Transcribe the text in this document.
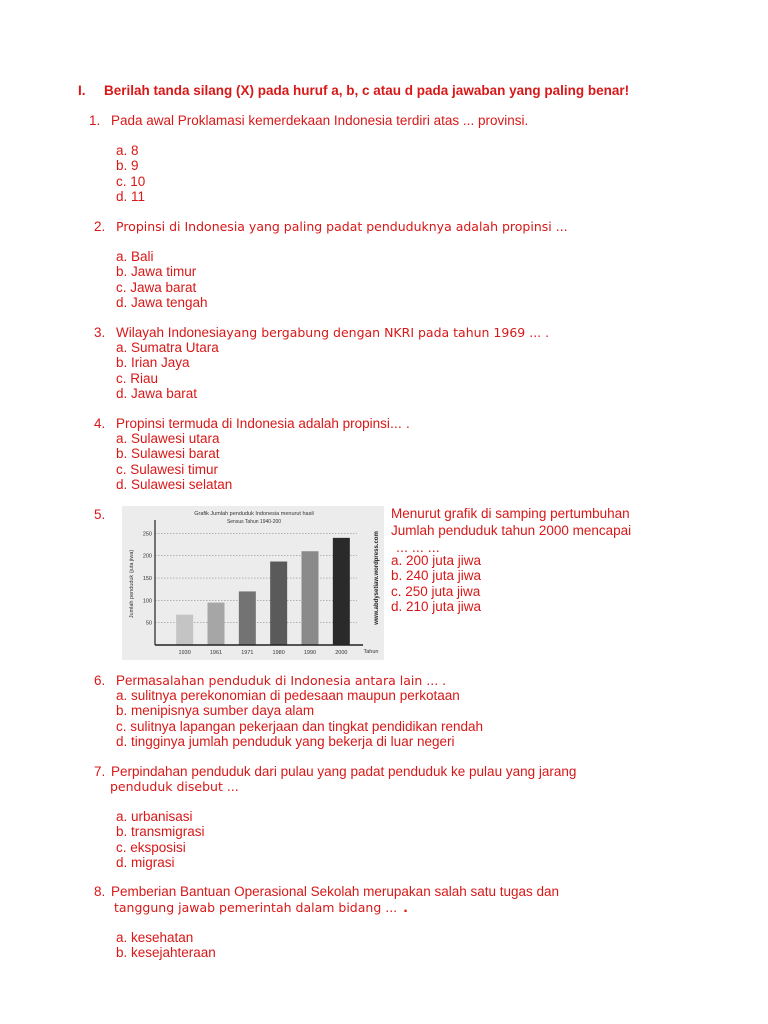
I. Berilah tanda silang (X) pada huruf a, b, c atau d pada jawaban yang paling benar!
1. Pada awal Proklamasi kemerdekaan Indonesia terdiri atas ... provinsi.
a. 8
b. 9
c. 10
d. 11
2. Propinsi di Indonesia yang paling padat penduduknya adalah propinsi ...
a. Bali
b. Jawa timur
c. Jawa barat
d. Jawa tengah
3. Wilayah Indonesiayang bergabung dengan NKRI pada tahun 1969 ... .
a. Sumatra Utara
b. Irian Jaya
c. Riau
d. Jawa barat
4. Propinsi termuda di Indonesia adalah propinsi... .
a. Sulawesi utara
b. Sulawesi barat
c. Sulawesi timur
d. Sulawesi selatan
5.	Grafik Jumlah penduduk Indonesia menurut hasil
Sensus Tahun 1940-200
1930	1961	1971	1980	1990	2000
50
100
150
200
250
Tahun
Jumlah penduduk (juta jiwa)	www.abdysetiaw.wordpress.com
Menurut grafik di samping pertumbuhan
Jumlah penduduk tahun 2000 mencapai
... ... ...
a. 200 juta jiwa
b. 240 juta jiwa
c. 250 juta jiwa
d. 210 juta jiwa
6. Permasalahan penduduk di Indonesia antara lain ... .
a. sulitnya perekonomian di pedesaan maupun perkotaan
b. menipisnya sumber daya alam
c. sulitnya lapangan pekerjaan dan tingkat pendidikan rendah
d. tingginya jumlah penduduk yang bekerja di luar negeri
7. Perpindahan penduduk dari pulau yang padat penduduk ke pulau yang jarang
penduduk disebut ...
a. urbanisasi
b. transmigrasi
c. eksposisi
d. migrasi
8. Pemberian Bantuan Operasional Sekolah merupakan salah satu tugas dan
tanggung jawab pemerintah dalam bidang ... .
a. kesehatan
b. kesejahteraan
